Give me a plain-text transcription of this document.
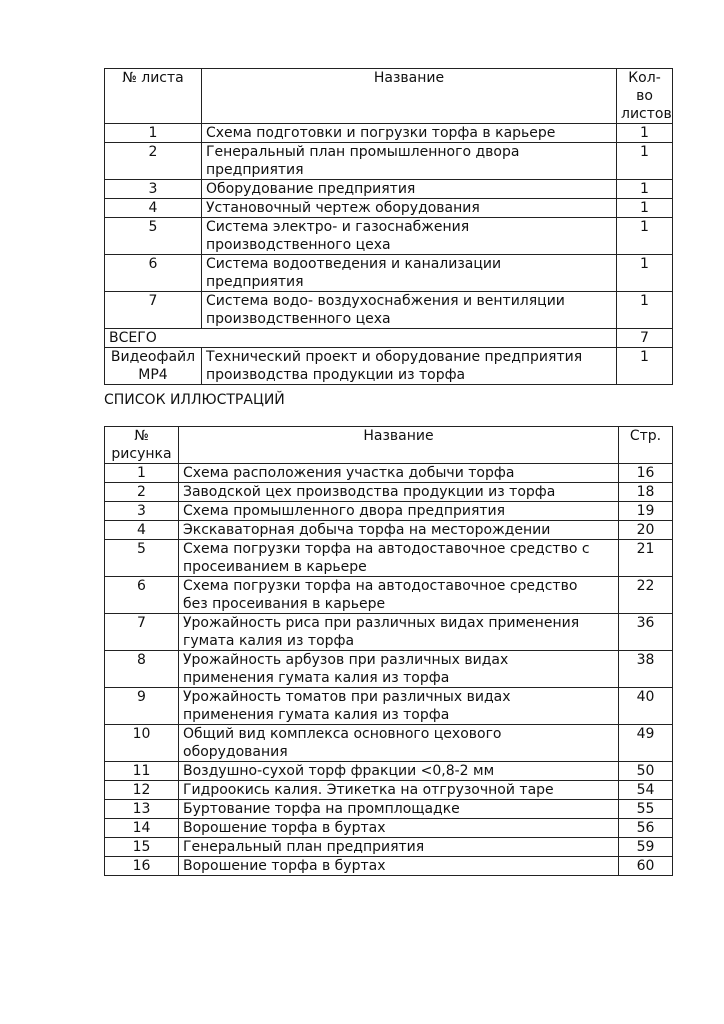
№ листа	Название	Кол-
во
листов
1	Схема подготовки и погрузки торфа в карьере	1
2	Генеральный план промышленного двора
предприятия	1
3	Оборудование предприятия	1
4	Установочный чертеж оборудования	1
5	Система электро- и газоснабжения
производственного цеха	1
6	Система водоотведения и канализации
предприятия	1
7	Система водо- воздухоснабжения и вентиляции
производственного цеха	1
ВСЕГО		7
Видеофайл
MP4	Технический проект и оборудование предприятия
производства продукции из торфа	1
СПИСОК ИЛЛЮСТРАЦИЙ
№
рисунка	Название	Стр.
1	Схема расположения участка добычи торфа	16
2	Заводской цех производства продукции из торфа	18
3	Схема промышленного двора предприятия	19
4	Экскаваторная добыча торфа на месторождении	20
5	Схема погрузки торфа на автодоставочное средство с
просеиванием в карьере	21
6	Схема погрузки торфа на автодоставочное средство
без просеивания в карьере	22
7	Урожайность риса при различных видах применения
гумата калия из торфа	36
8	Урожайность арбузов при различных видах
применения гумата калия из торфа	38
9	Урожайность томатов при различных видах
применения гумата калия из торфа	40
10	Общий вид комплекса основного цехового
оборудования	49
11	Воздушно-сухой торф фракции <0,8-2 мм	50
12	Гидроокись калия. Этикетка на отгрузочной таре	54
13	Буртование торфа на промплощадке	55
14	Ворошение торфа в буртах	56
15	Генеральный план предприятия	59
16	Ворошение торфа в буртах	60
